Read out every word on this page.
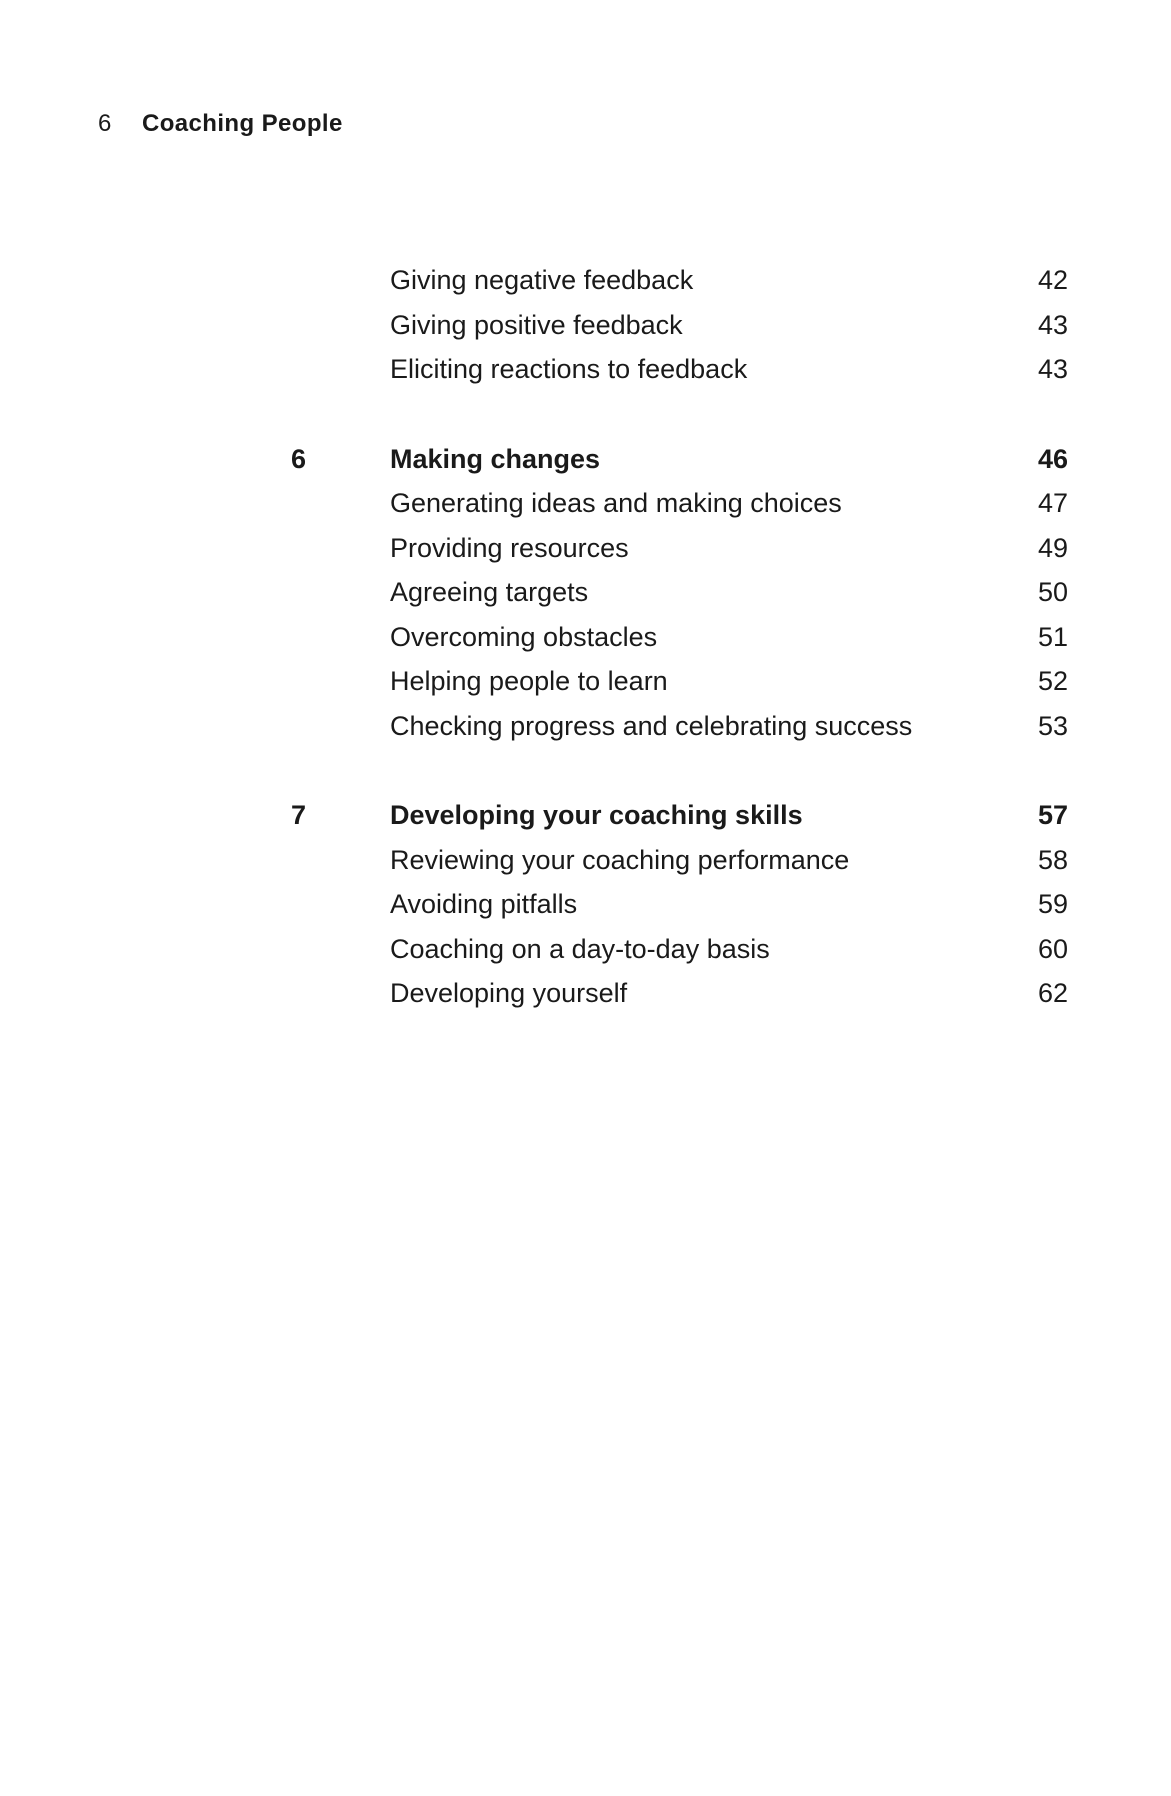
6 Coaching People
Giving negative feedback	42
Giving positive feedback	43
Eliciting reactions to feedback	43
6	Making changes	46
Generating ideas and making choices	47
Providing resources	49
Agreeing targets	50
Overcoming obstacles	51
Helping people to learn	52
Checking progress and celebrating success	53
7	Developing your coaching skills	57
Reviewing your coaching performance	58
Avoiding pitfalls	59
Coaching on a day-to-day basis	60
Developing yourself	62
